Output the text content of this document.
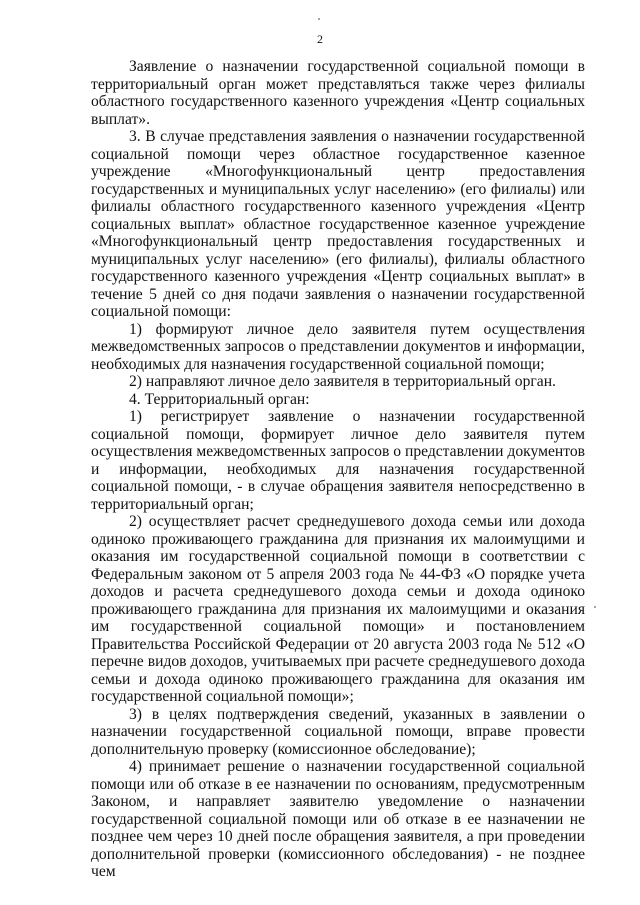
2

Заявление о назначении государственной социальной помощи в территориальный орган может представляться также через филиалы областного государственного казенного учреждения «Центр социальных выплат».

3. В случае представления заявления о назначении государственной социальной помощи через областное государственное казенное учреждение «Многофункциональный центр предоставления государственных и муниципальных услуг населению» (его филиалы) или филиалы областного государственного казенного учреждения «Центр социальных выплат» областное государственное казенное учреждение «Многофункциональный центр предоставления государственных и муниципальных услуг населению» (его филиалы), филиалы областного государственного казенного учреждения «Центр социальных выплат» в течение 5 дней со дня подачи заявления о назначении государственной социальной помощи:

1) формируют личное дело заявителя путем осуществления межведомственных запросов о представлении документов и информации, необходимых для назначения государственной социальной помощи;

2) направляют личное дело заявителя в территориальный орган.

4. Территориальный орган:

1) регистрирует заявление о назначении государственной социальной помощи, формирует личное дело заявителя путем осуществления межведомственных запросов о представлении документов и информации, необходимых для назначения государственной социальной помощи, - в случае обращения заявителя непосредственно в территориальный орган;

2) осуществляет расчет среднедушевого дохода семьи или дохода одиноко проживающего гражданина для признания их малоимущими и оказания им государственной социальной помощи в соответствии с Федеральным законом от 5 апреля 2003 года № 44-ФЗ «О порядке учета доходов и расчета среднедушевого дохода семьи и дохода одиноко проживающего гражданина для признания их малоимущими и оказания им государственной социальной помощи» и постановлением Правительства Российской Федерации от 20 августа 2003 года № 512 «О перечне видов доходов, учитываемых при расчете среднедушевого дохода семьи и дохода одиноко проживающего гражданина для оказания им государственной социальной помощи»;

3) в целях подтверждения сведений, указанных в заявлении о назначении государственной социальной помощи, вправе провести дополнительную проверку (комиссионное обследование);

4) принимает решение о назначении государственной социальной помощи или об отказе в ее назначении по основаниям, предусмотренным Законом, и направляет заявителю уведомление о назначении государственной социальной помощи или об отказе в ее назначении не позднее чем через 10 дней после обращения заявителя, а при проведении дополнительной проверки (комиссионного обследования) - не позднее чем
